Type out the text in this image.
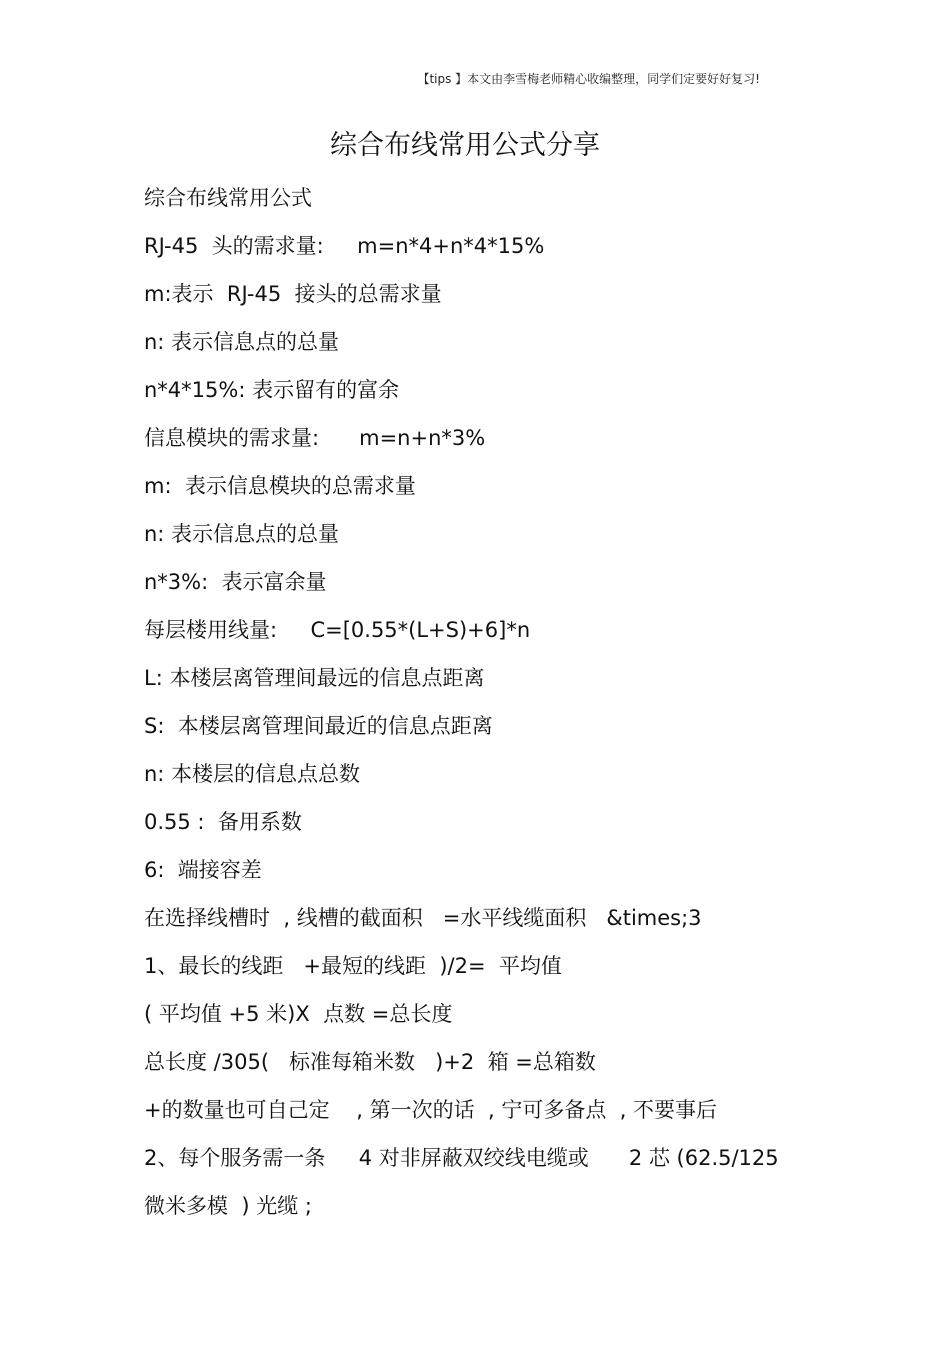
【tips 】本文由李雪梅老师精心收编整理，同学们定要好好复习!
综合布线常用公式分享
综合布线常用公式
RJ-45  头的需求量:     m=n*4+n*4*15%
m:表示  RJ-45  接头的总需求量
n: 表示信息点的总量
n*4*15%: 表示留有的富余
信息模块的需求量:      m=n+n*3%
m:  表示信息模块的总需求量
n: 表示信息点的总量
n*3%:  表示富余量
每层楼用线量:     C=[0.55*(L+S)+6]*n
L: 本楼层离管理间最远的信息点距离
S:  本楼层离管理间最近的信息点距离
n: 本楼层的信息点总数
0.55 :  备用系数
6:  端接容差
在选择线槽时  , 线槽的截面积   =水平线缆面积   &times;3
1、最长的线距   +最短的线距  )/2=  平均值
( 平均值 +5 米)X  点数 =总长度
总长度 /305(   标准每箱米数   )+2  箱 =总箱数
+的数量也可自己定    , 第一次的话  , 宁可多备点  , 不要事后
2、每个服务需一条     4 对非屏蔽双绞线电缆或      2 芯 (62.5/125
微米多模  ) 光缆 ;
